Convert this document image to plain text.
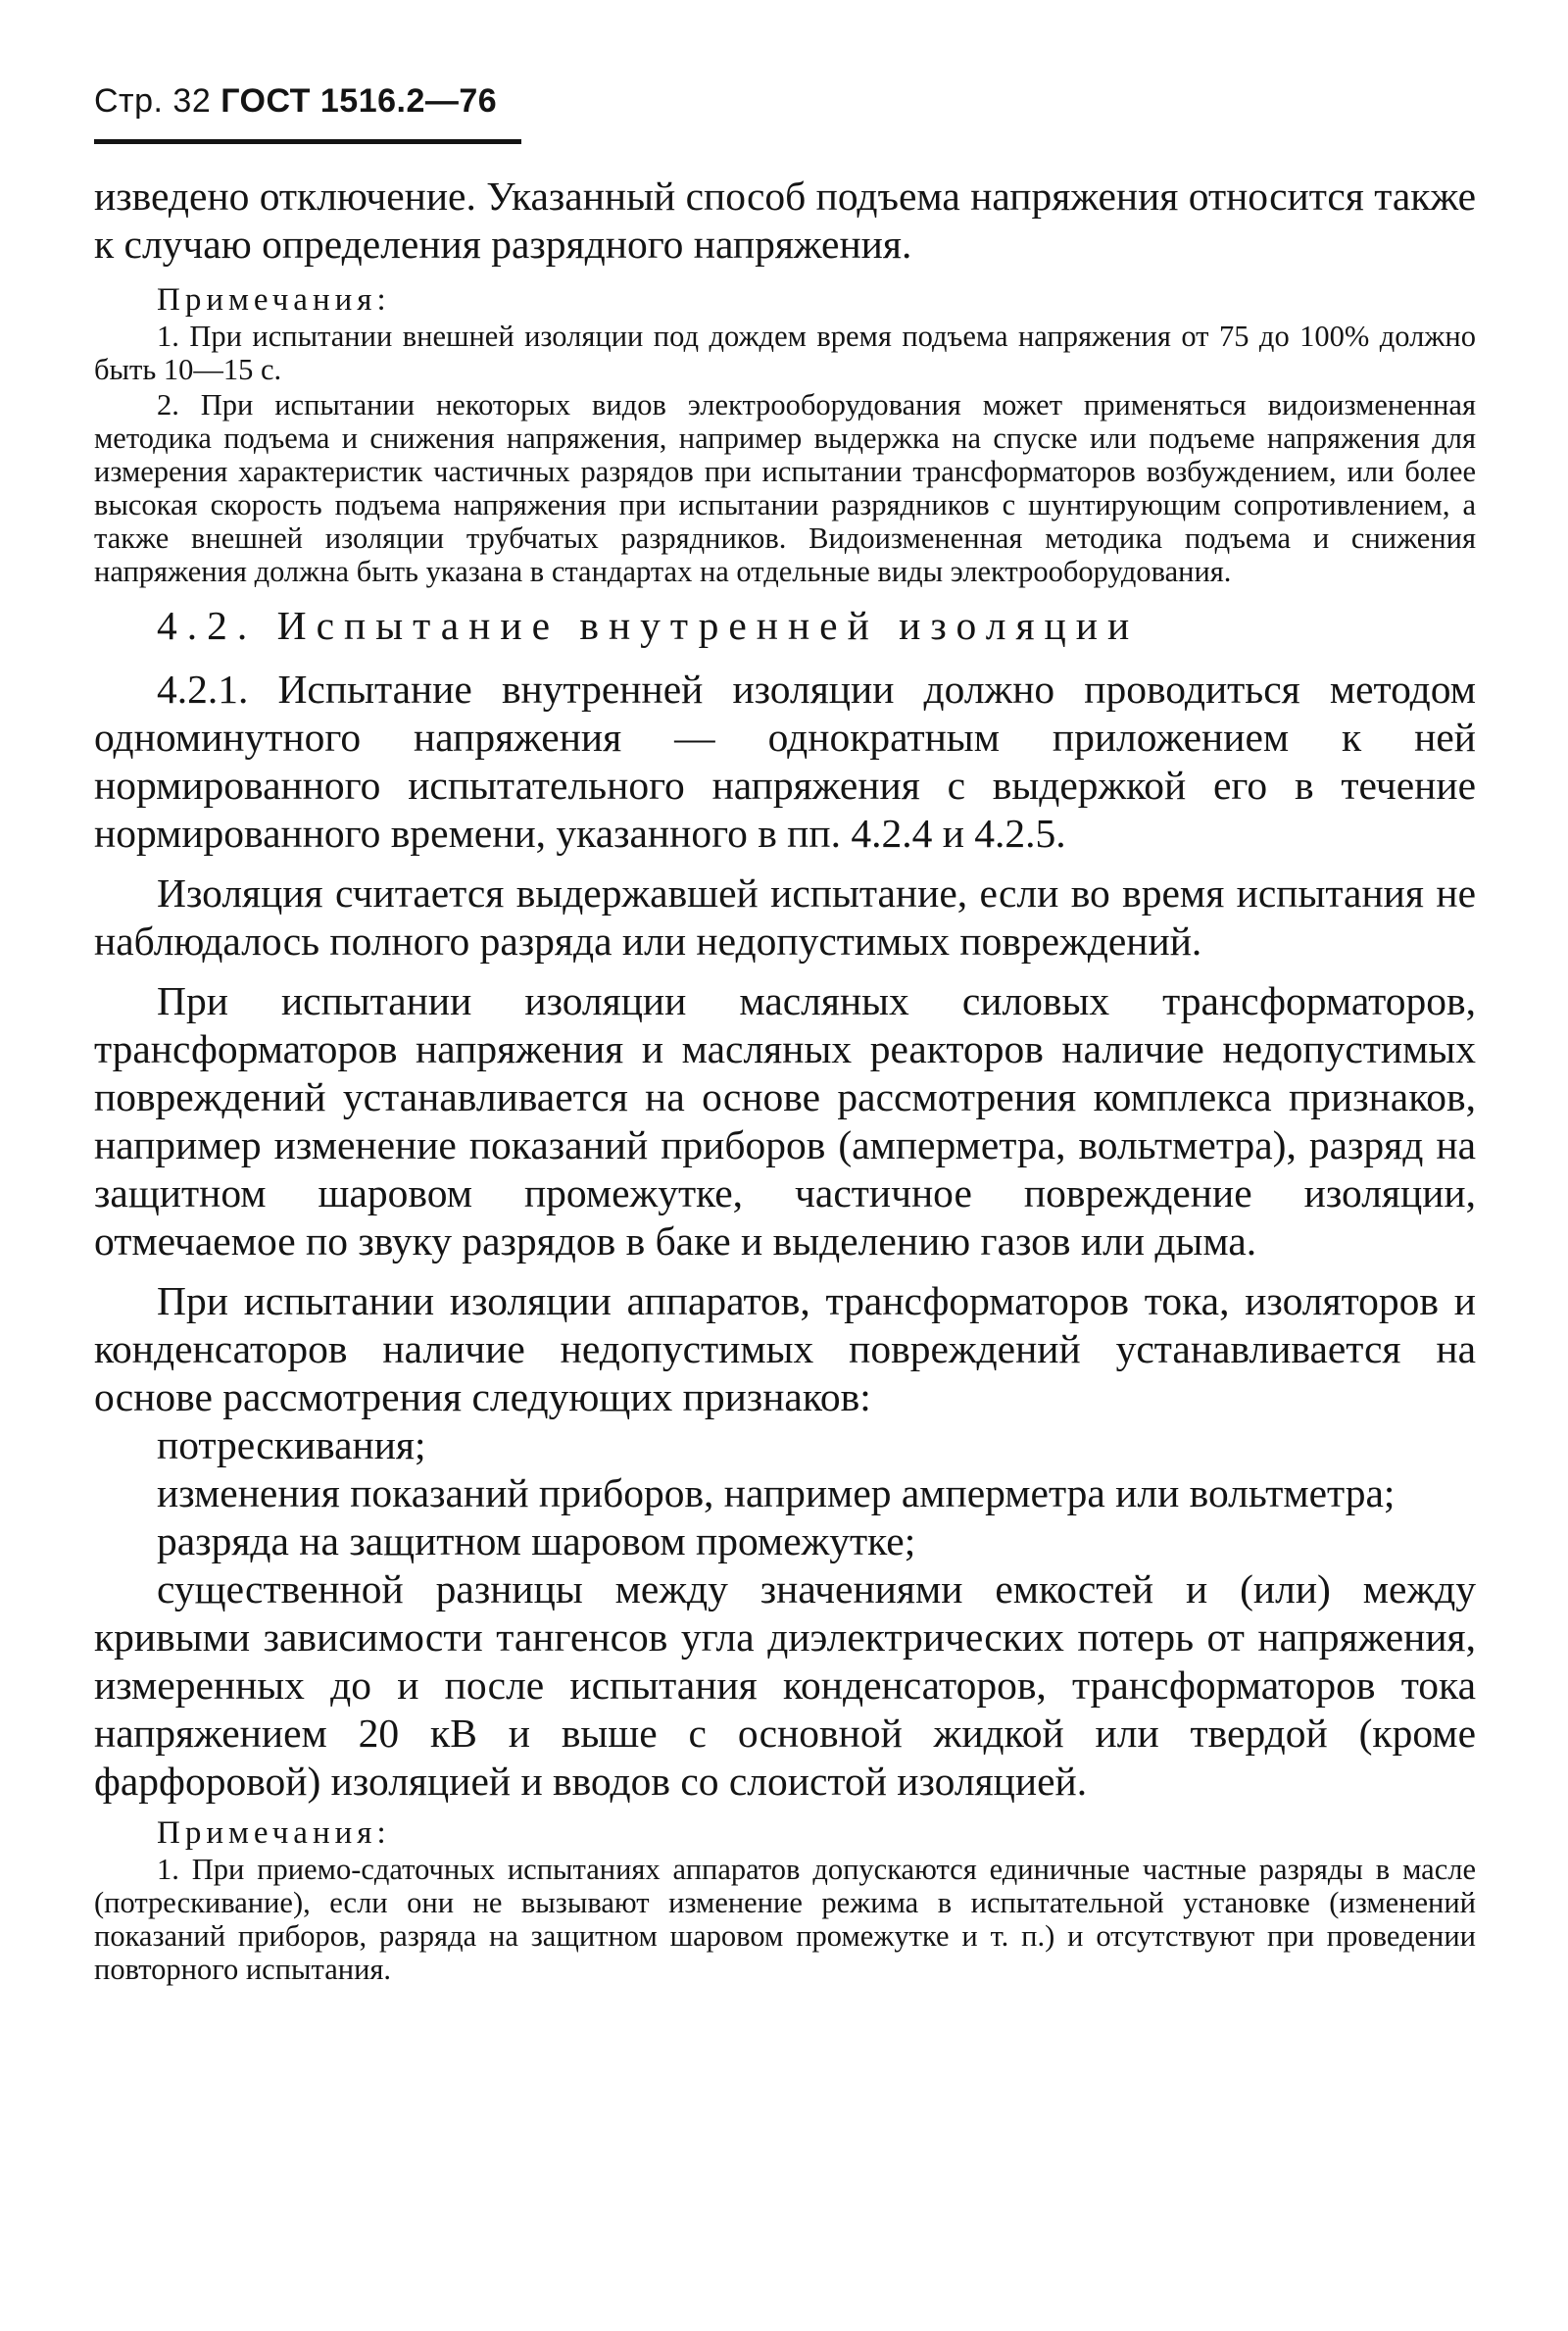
Стр. 32 ГОСТ 1516.2—76

изведено отключение. Указанный способ подъема напряжения относится также к случаю определения разрядного напряжения.

Примечания:

1. При испытании внешней изоляции под дождем время подъема напряжения от 75 до 100% должно быть 10—15 с.

2. При испытании некоторых видов электрооборудования может применяться видоизмененная методика подъема и снижения напряжения, например выдержка на спуске или подъеме напряжения для измерения характеристик частичных разрядов при испытании трансформаторов возбуждением, или более высокая скорость подъема напряжения при испытании разрядников с шунтирующим сопротивлением, а также внешней изоляции трубчатых разрядников. Видоизмененная методика подъема и снижения напряжения должна быть указана в стандартах на отдельные виды электрооборудования.

4.2. Испытание внутренней изоляции

4.2.1. Испытание внутренней изоляции должно проводиться методом одноминутного напряжения — однократным приложением к ней нормированного испытательного напряжения с выдержкой его в течение нормированного времени, указанного в пп. 4.2.4 и 4.2.5.

Изоляция считается выдержавшей испытание, если во время испытания не наблюдалось полного разряда или недопустимых повреждений.

При испытании изоляции масляных силовых трансформаторов, трансформаторов напряжения и масляных реакторов наличие недопустимых повреждений устанавливается на основе рассмотрения комплекса признаков, например изменение показаний приборов (амперметра, вольтметра), разряд на защитном шаровом промежутке, частичное повреждение изоляции, отмечаемое по звуку разрядов в баке и выделению газов или дыма.

При испытании изоляции аппаратов, трансформаторов тока, изоляторов и конденсаторов наличие недопустимых повреждений устанавливается на основе рассмотрения следующих признаков:

потрескивания;

изменения показаний приборов, например амперметра или вольтметра;

разряда на защитном шаровом промежутке;

существенной разницы между значениями емкостей и (или) между кривыми зависимости тангенсов угла диэлектрических потерь от напряжения, измеренных до и после испытания конденсаторов, трансформаторов тока напряжением 20 кВ и выше с основной жидкой или твердой (кроме фарфоровой) изоляцией и вводов со слоистой изоляцией.

Примечания:

1. При приемо-сдаточных испытаниях аппаратов допускаются единичные частные разряды в масле (потрескивание), если они не вызывают изменение режима в испытательной установке (изменений показаний приборов, разряда на защитном шаровом промежутке и т. п.) и отсутствуют при проведении повторного испытания.
